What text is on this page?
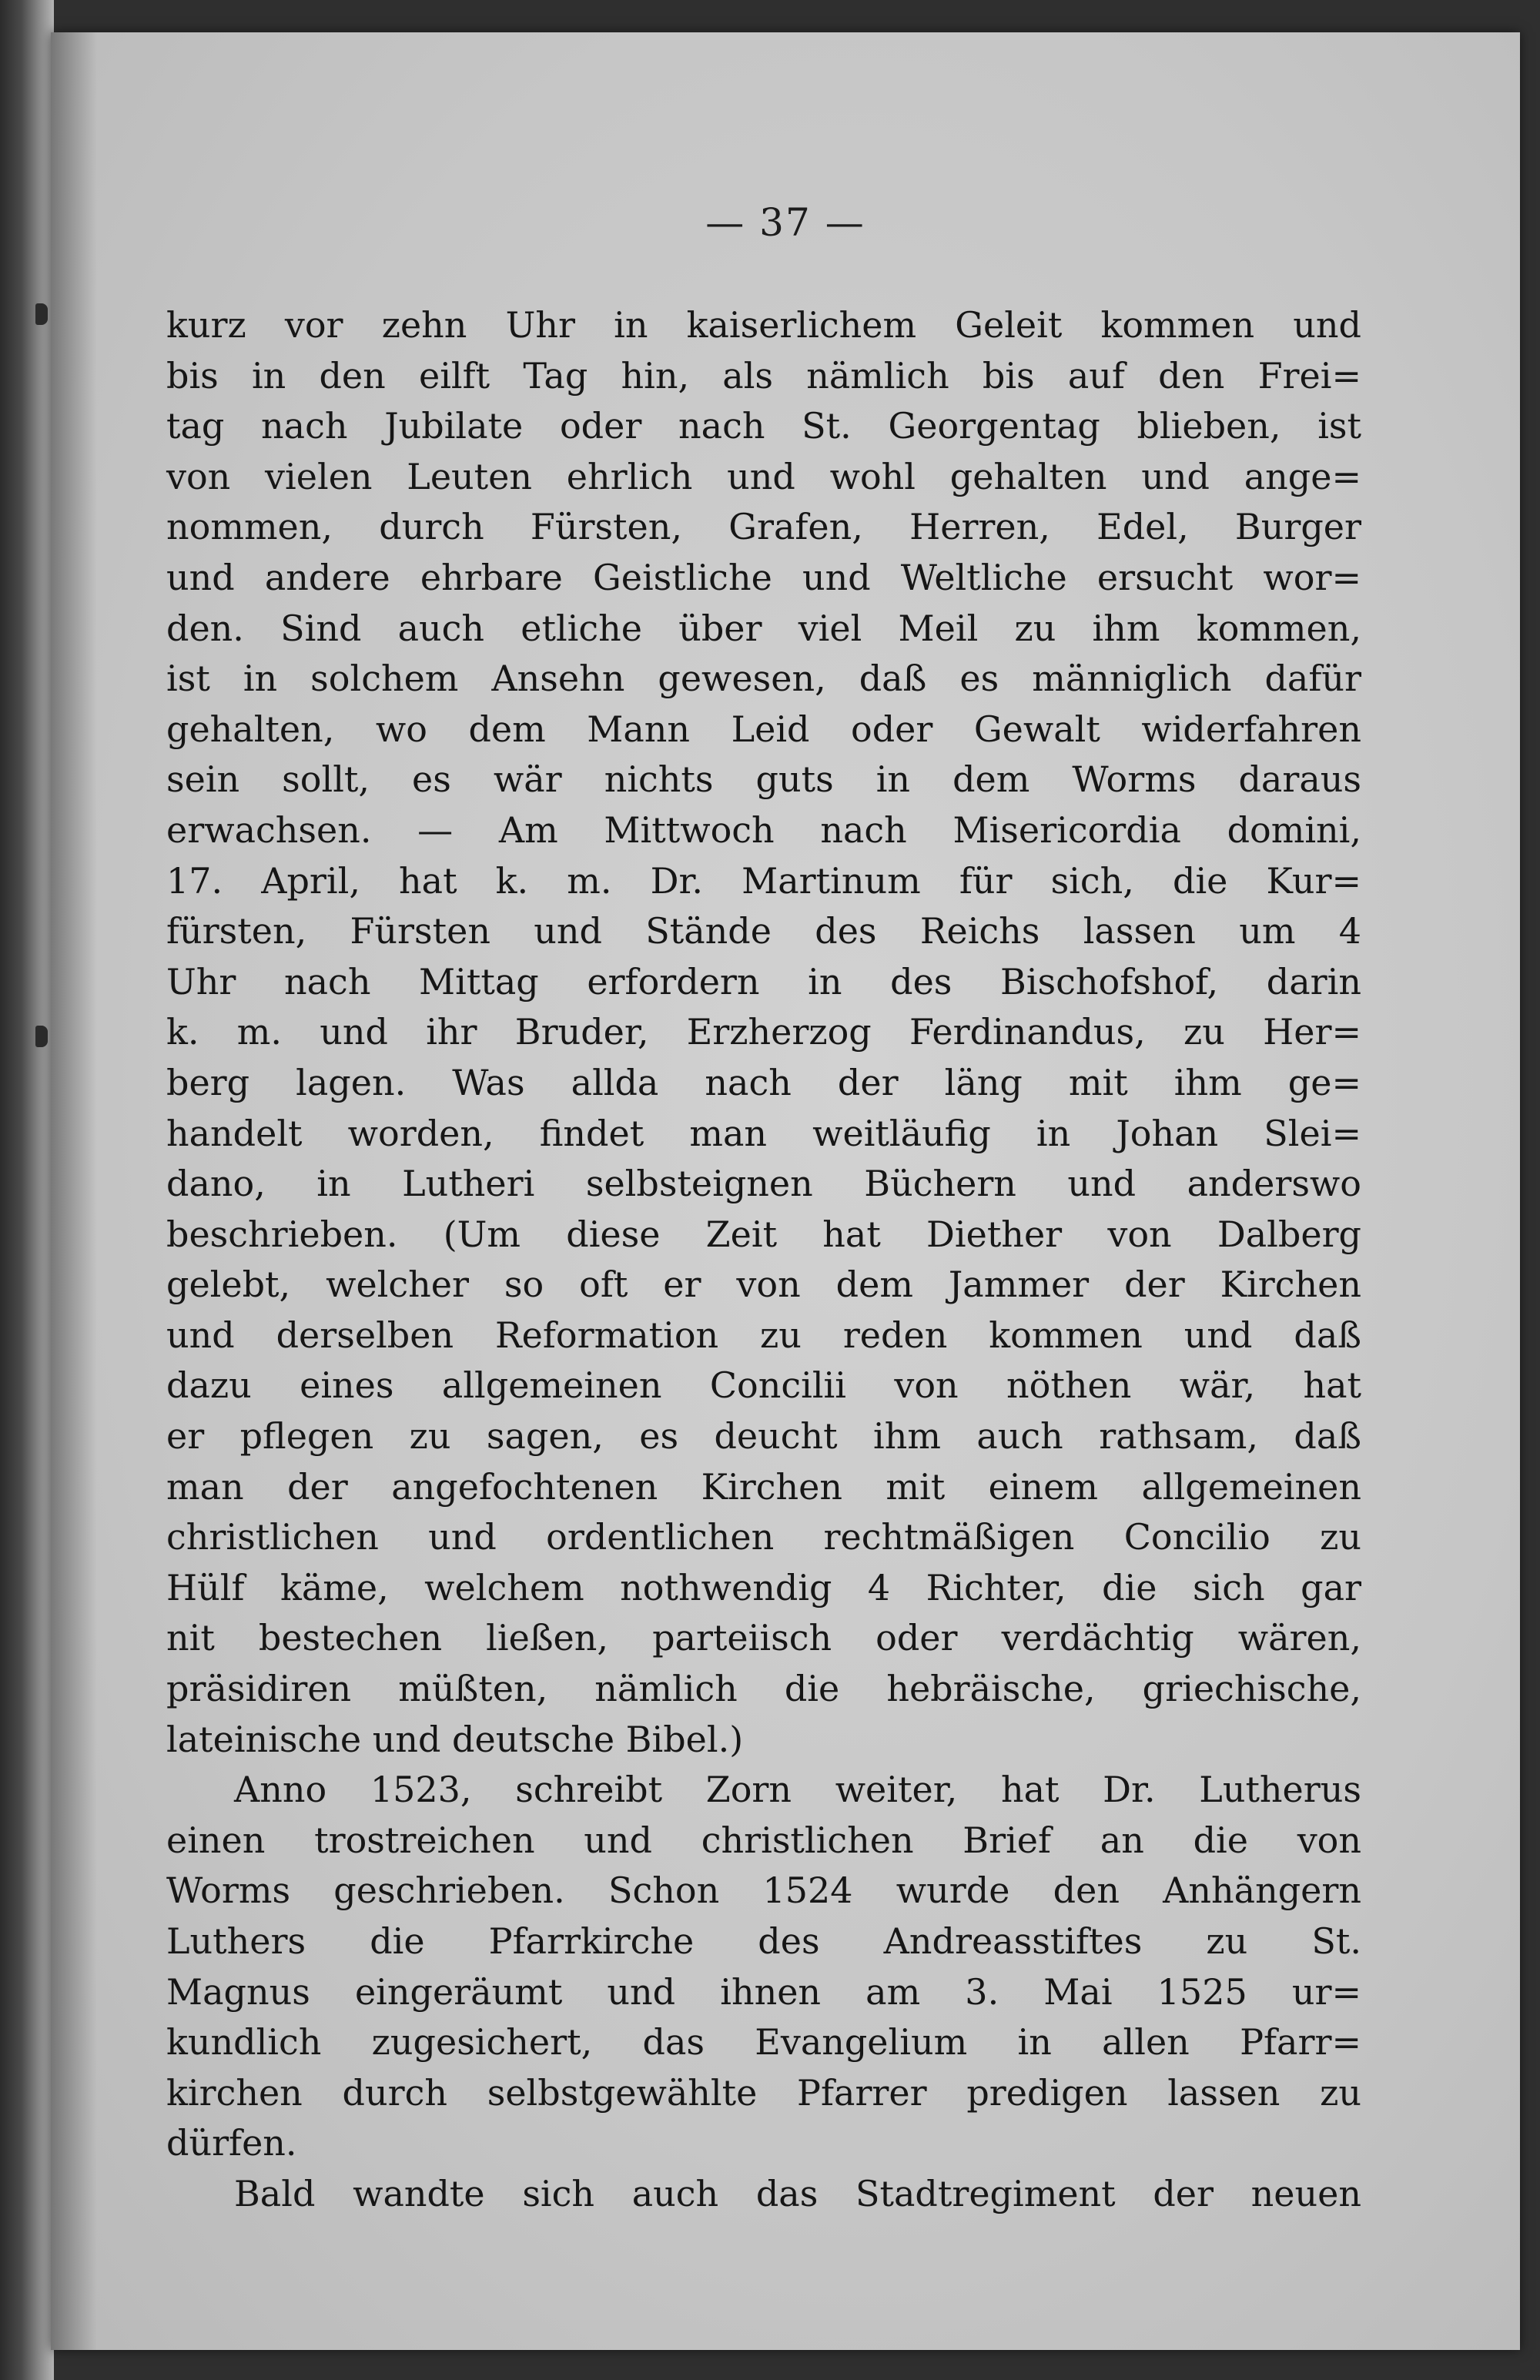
— 37 —
kurz vor zehn Uhr in kaiserlichem Geleit kommen und
bis in den eilft Tag hin, als nämlich bis auf den Frei=
tag nach Jubilate oder nach St. Georgentag blieben, ist
von vielen Leuten ehrlich und wohl gehalten und ange=
nommen, durch Fürsten, Grafen, Herren, Edel, Burger
und andere ehrbare Geistliche und Weltliche ersucht wor=
den. Sind auch etliche über viel Meil zu ihm kommen,
ist in solchem Ansehn gewesen, daß es männiglich dafür
gehalten, wo dem Mann Leid oder Gewalt widerfahren
sein sollt, es wär nichts guts in dem Worms daraus
erwachsen. — Am Mittwoch nach Misericordia domini,
17. April, hat k. m. Dr. Martinum für sich, die Kur=
fürsten, Fürsten und Stände des Reichs lassen um 4
Uhr nach Mittag erfordern in des Bischofshof, darin
k. m. und ihr Bruder, Erzherzog Ferdinandus, zu Her=
berg lagen. Was allda nach der läng mit ihm ge=
handelt worden, findet man weitläufig in Johan Slei=
dano, in Lutheri selbsteignen Büchern und anderswo
beschrieben. (Um diese Zeit hat Diether von Dalberg
gelebt, welcher so oft er von dem Jammer der Kirchen
und derselben Reformation zu reden kommen und daß
dazu eines allgemeinen Concilii von nöthen wär, hat
er pflegen zu sagen, es deucht ihm auch rathsam, daß
man der angefochtenen Kirchen mit einem allgemeinen
christlichen und ordentlichen rechtmäßigen Concilio zu
Hülf käme, welchem nothwendig 4 Richter, die sich gar
nit bestechen ließen, parteiisch oder verdächtig wären,
präsidiren müßten, nämlich die hebräische, griechische,
lateinische und deutsche Bibel.)
Anno 1523, schreibt Zorn weiter, hat Dr. Lutherus
einen trostreichen und christlichen Brief an die von
Worms geschrieben. Schon 1524 wurde den Anhängern
Luthers die Pfarrkirche des Andreasstiftes zu St.
Magnus eingeräumt und ihnen am 3. Mai 1525 ur=
kundlich zugesichert, das Evangelium in allen Pfarr=
kirchen durch selbstgewählte Pfarrer predigen lassen zu
dürfen.
Bald wandte sich auch das Stadtregiment der neuen
